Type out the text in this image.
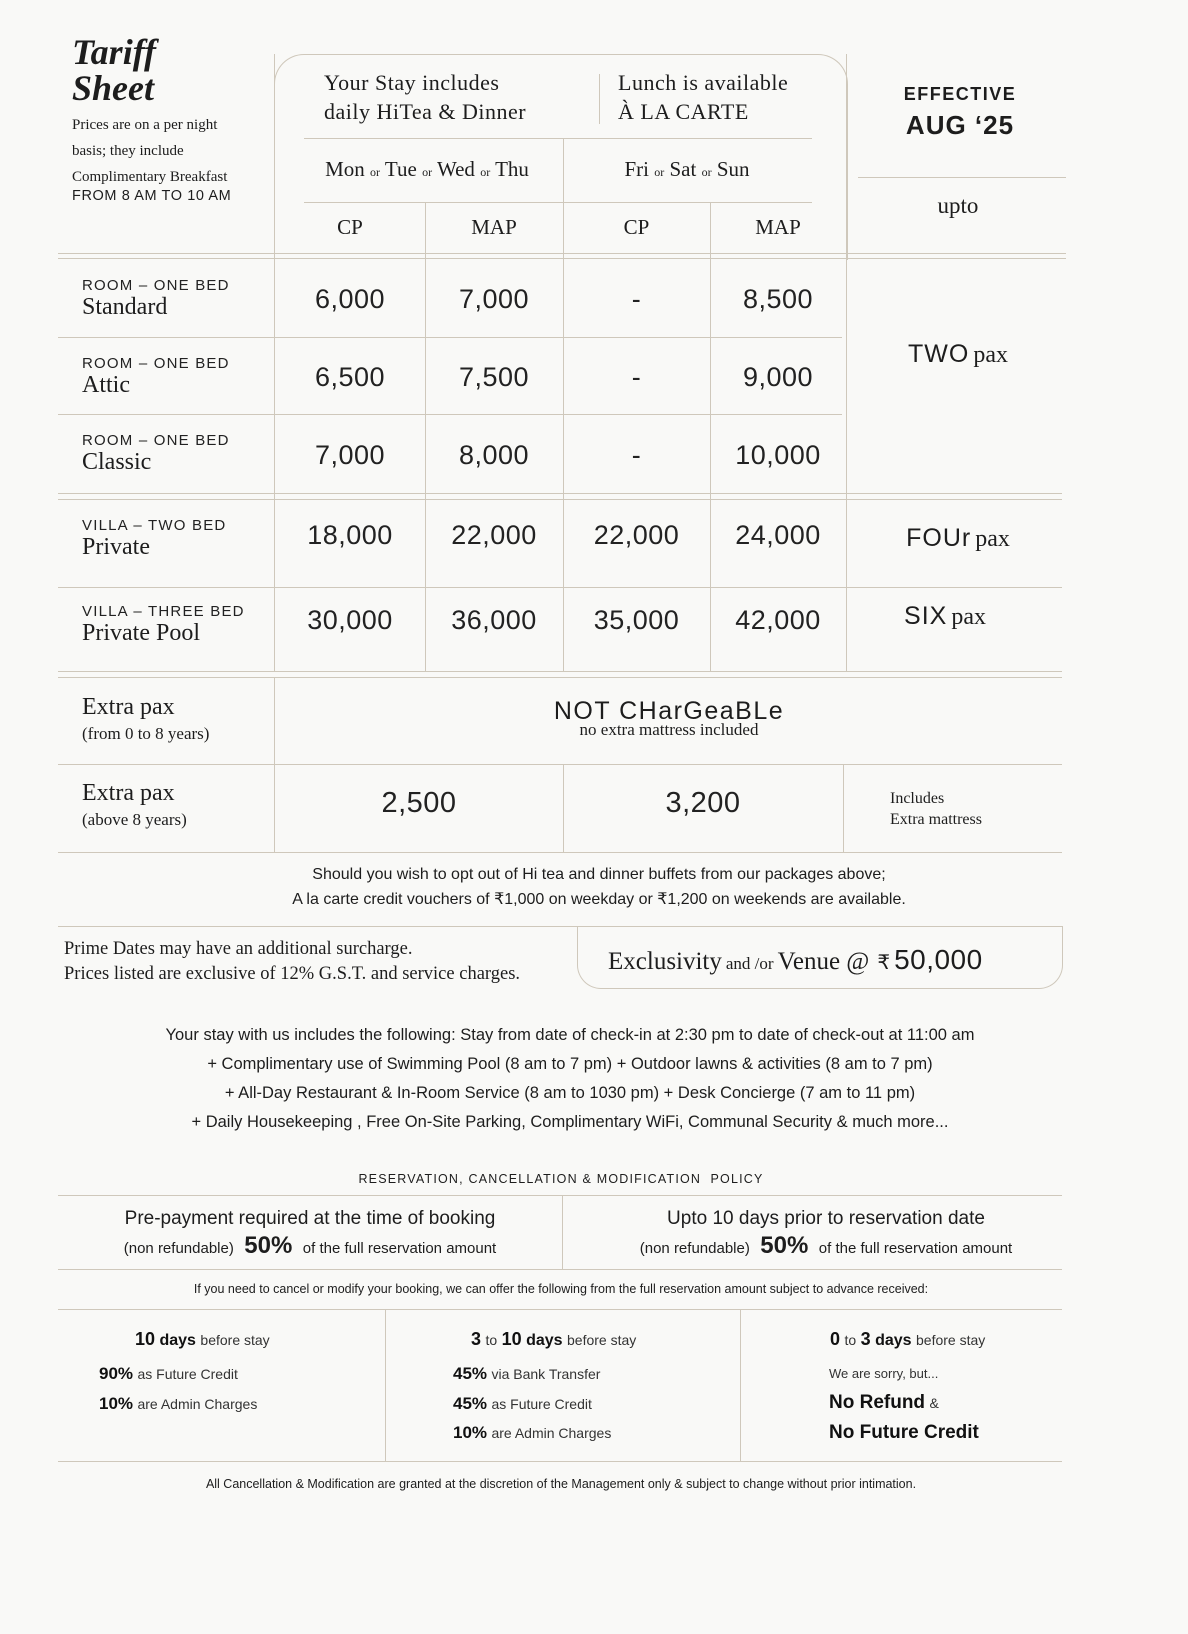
Tariff
Sheet
Prices are on a per night
basis; they include
Complimentary Breakfast
FROM 8 AM TO 10 AM
Your Stay includes
daily HiTea & Dinner
Lunch is available
À LA CARTE
EFFECTIVE
AUG ‘25
upto
Mon or Tue or Wed or Thu	Fri or Sat or Sun
CP	MAP	CP	MAP
ROOM – ONE BED
Standard	6,000	7,000	-	8,500
ROOM – ONE BED
Attic	6,500	7,500	-	9,000
ROOM – ONE BED
Classic	7,000	8,000	-	10,000
TWO pax
VILLA – TWO BED
Private	18,000	22,000	22,000	24,000	FOUr pax
VILLA – THREE BED
Private Pool	30,000	36,000	35,000	42,000	SIX pax
Extra pax
(from 0 to 8 years)
NOT CHarGeaBLe
no extra mattress included
Extra pax
(above 8 years)
2,500	3,200	Includes
Extra mattress
Should you wish to opt out of Hi tea and dinner buffets from our packages above;
A la carte credit vouchers of ₹1,000 on weekday or ₹1,200 on weekends are available.
Prime Dates may have an additional surcharge.
Prices listed are exclusive of 12% G.S.T. and service charges.	Exclusivity and /or Venue @ ₹ 50,000
Your stay with us includes the following: Stay from date of check-in at 2:30 pm to date of check-out at 11:00 am
+ Complimentary use of Swimming Pool (8 am to 7 pm) + Outdoor lawns & activities (8 am to 7 pm)
+ All-Day Restaurant & In-Room Service (8 am to 1030 pm) + Desk Concierge (7 am to 11 pm)
+ Daily Housekeeping , Free On-Site Parking, Complimentary WiFi, Communal Security & much more...
RESERVATION, CANCELLATION & MODIFICATION  POLICY
Pre-payment required at the time of booking
(non refundable) 50% of the full reservation amount
Upto 10 days prior to reservation date
(non refundable) 50% of the full reservation amount
If you need to cancel or modify your booking, we can offer the following from the full reservation amount subject to advance received:
10 days before stay
90% as Future Credit
10% are Admin Charges
3 to 10 days before stay
45% via Bank Transfer
45% as Future Credit
10% are Admin Charges
0 to 3 days before stay
We are sorry, but...
No Refund &
No Future Credit
All Cancellation & Modification are granted at the discretion of the Management only & subject to change without prior intimation.
